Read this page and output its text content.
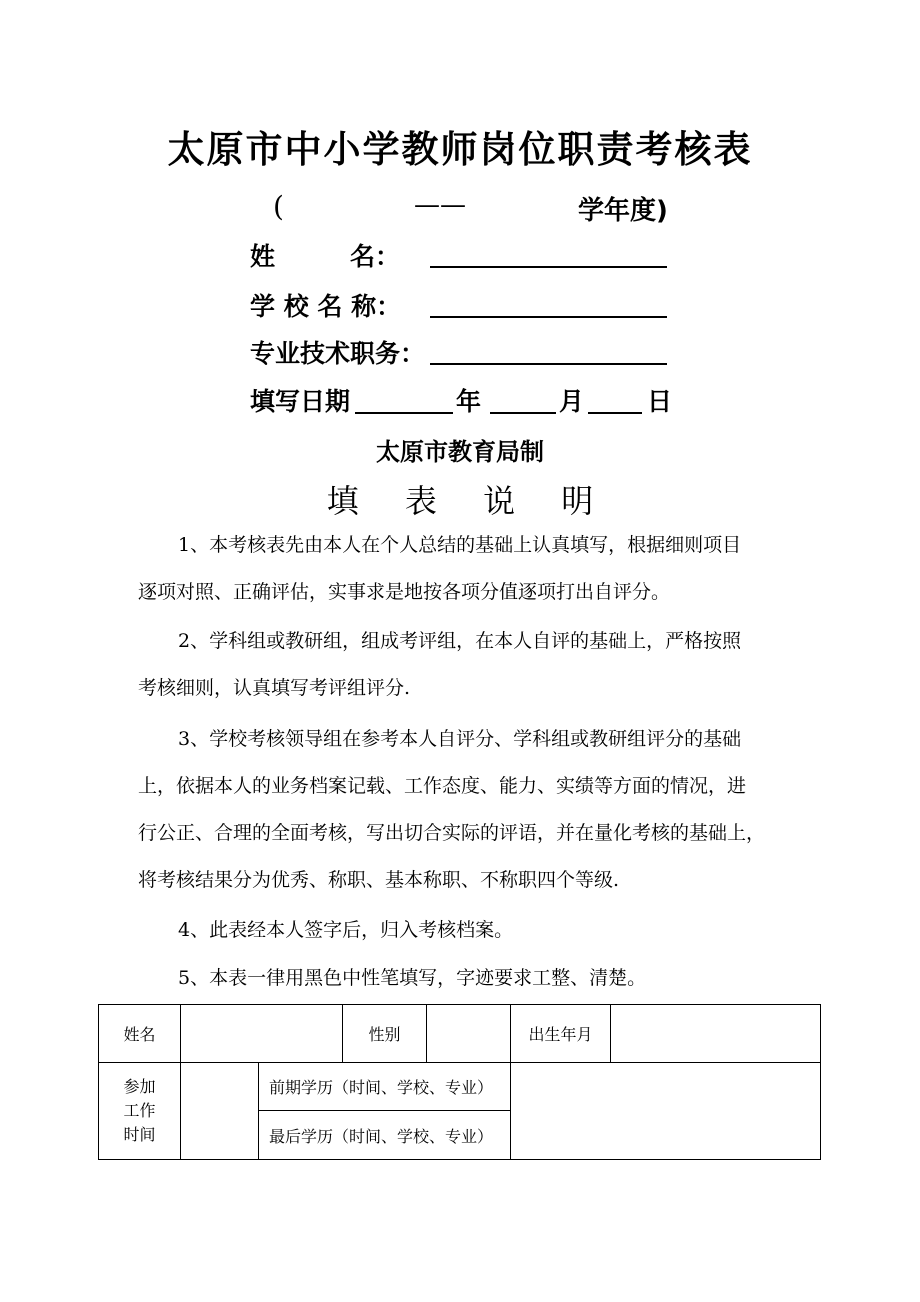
太原市中小学教师岗位职责考核表
(	——	学年度)
姓　　　名：
学 校 名 称：
专业技术职务：
填写日期	年	月	日
太原市教育局制
填 表 说 明
1、本考核表先由本人在个人总结的基础上认真填写，根据细则项目
逐项对照、正确评估，实事求是地按各项分值逐项打出自评分。
2、学科组或教研组，组成考评组，在本人自评的基础上，严格按照
考核细则，认真填写考评组评分.
3、学校考核领导组在参考本人自评分、学科组或教研组评分的基础
上，依据本人的业务档案记载、工作态度、能力、实绩等方面的情况，进
行公正、合理的全面考核，写出切合实际的评语，并在量化考核的基础上，
将考核结果分为优秀、称职、基本称职、不称职四个等级.
4、此表经本人签字后，归入考核档案。
5、本表一律用黑色中性笔填写，字迹要求工整、清楚。
姓名			性别		出生年月	

参加
工作
时间		前期学历（时间、学校、专业）				
		最后学历（时间、学校、专业）				
